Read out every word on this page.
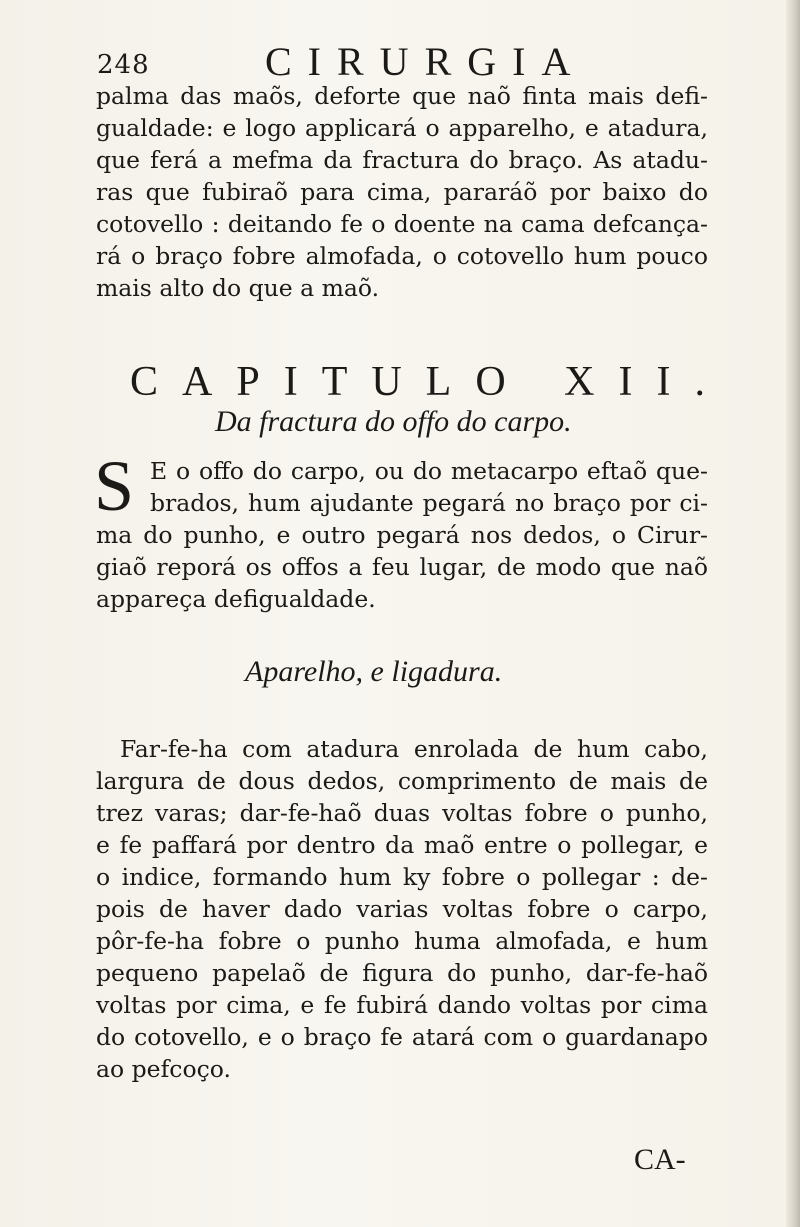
248	CIRURGIA
palma das maõs, deforte que naõ finta mais defi-
gualdade: e logo applicará o apparelho, e atadura,
que ferá a mefma da fractura do braço. As atadu-
ras que fubiraõ para cima, pararáõ por baixo do
cotovello : deitando fe o doente na cama defcança-
rá o braço fobre almofada, o cotovello hum pouco
mais alto do que a maõ.
CAPITULO XII.
Da fractura do offo do carpo.
S E o offo do carpo, ou do metacarpo eftaõ que-
brados, hum ajudante pegará no braço por ci-
ma do punho, e outro pegará nos dedos, o Cirur-
giaõ reporá os offos a feu lugar, de modo que naõ
appareça defigualdade.
Aparelho, e ligadura.
Far-fe-ha com atadura enrolada de hum cabo,
largura de dous dedos, comprimento de mais de
trez varas; dar-fe-haõ duas voltas fobre o punho,
e fe paffará por dentro da maõ entre o pollegar, e
o indice, formando hum ky fobre o pollegar : de-
pois de haver dado varias voltas fobre o carpo,
pôr-fe-ha fobre o punho huma almofada, e hum
pequeno papelaõ de figura do punho, dar-fe-haõ
voltas por cima, e fe fubirá dando voltas por cima
do cotovello, e o braço fe atará com o guardanapo
ao pefcoço.
CA-
